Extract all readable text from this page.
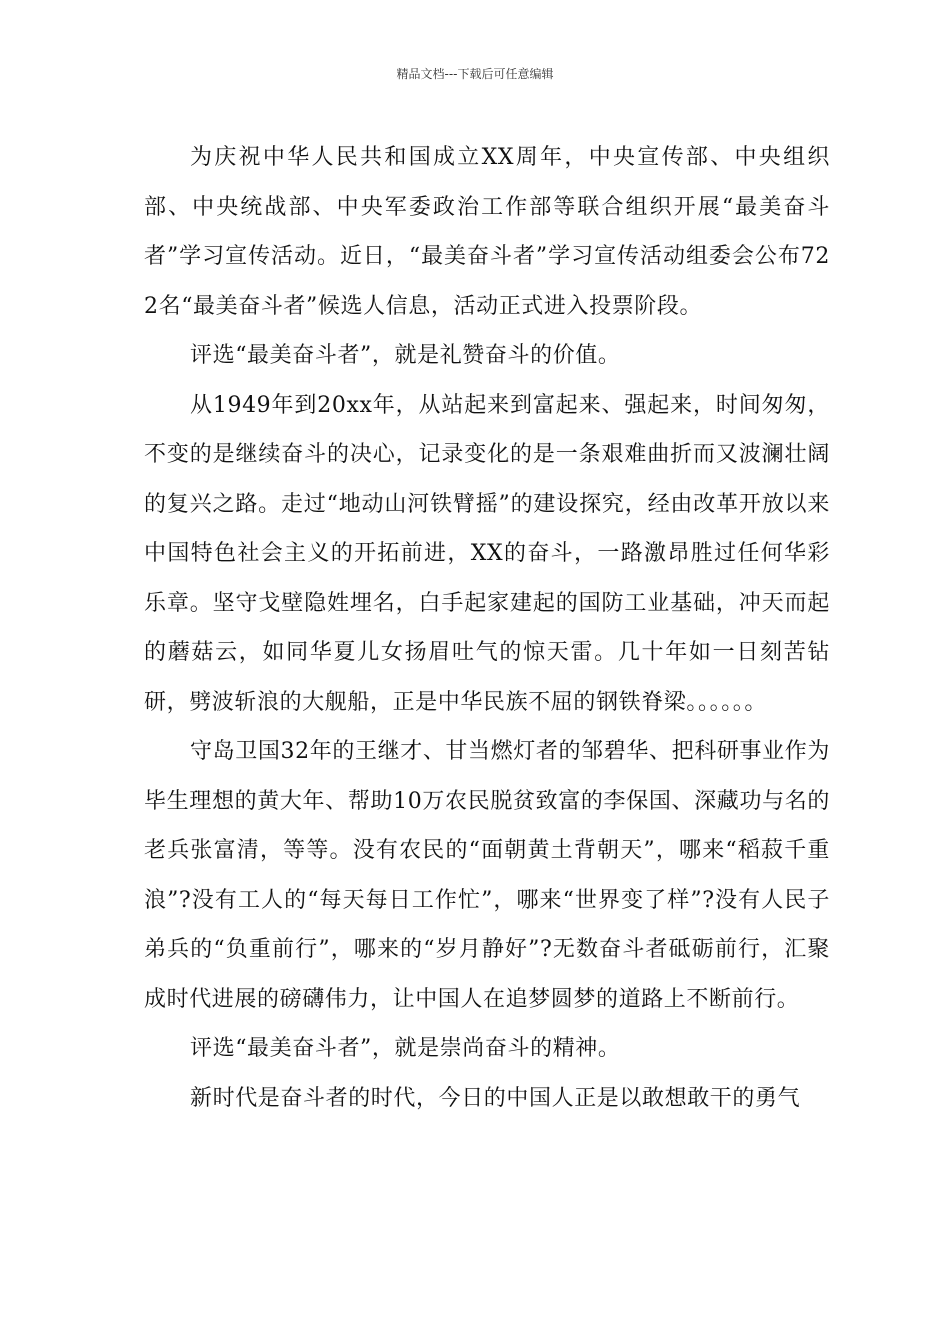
精品文档---下载后可任意编辑

为庆祝中华人民共和国成立XX周年，中央宣传部、中央组织部、中央统战部、中央军委政治工作部等联合组织开展“最美奋斗者”学习宣传活动。近日，“最美奋斗者”学习宣传活动组委会公布722名“最美奋斗者”候选人信息，活动正式进入投票阶段。

评选“最美奋斗者”，就是礼赞奋斗的价值。

从1949年到20xx年，从站起来到富起来、强起来，时间匆匆，不变的是继续奋斗的决心，记录变化的是一条艰难曲折而又波澜壮阔的复兴之路。走过“地动山河铁臂摇”的建设探究，经由改革开放以来中国特色社会主义的开拓前进，XX的奋斗，一路激昂胜过任何华彩乐章。坚守戈壁隐姓埋名，白手起家建起的国防工业基础，冲天而起的蘑菇云，如同华夏儿女扬眉吐气的惊天雷。几十年如一日刻苦钻研，劈波斩浪的大舰船，正是中华民族不屈的钢铁脊梁。。。。。。

守岛卫国32年的王继才、甘当燃灯者的邹碧华、把科研事业作为毕生理想的黄大年、帮助10万农民脱贫致富的李保国、深藏功与名的老兵张富清，等等。没有农民的“面朝黄土背朝天”，哪来“稻菽千重浪”?没有工人的“每天每日工作忙”，哪来“世界变了样”?没有人民子弟兵的“负重前行”，哪来的“岁月静好”?无数奋斗者砥砺前行，汇聚成时代进展的磅礴伟力，让中国人在追梦圆梦的道路上不断前行。

评选“最美奋斗者”，就是崇尚奋斗的精神。

新时代是奋斗者的时代，今日的中国人正是以敢想敢干的勇气
